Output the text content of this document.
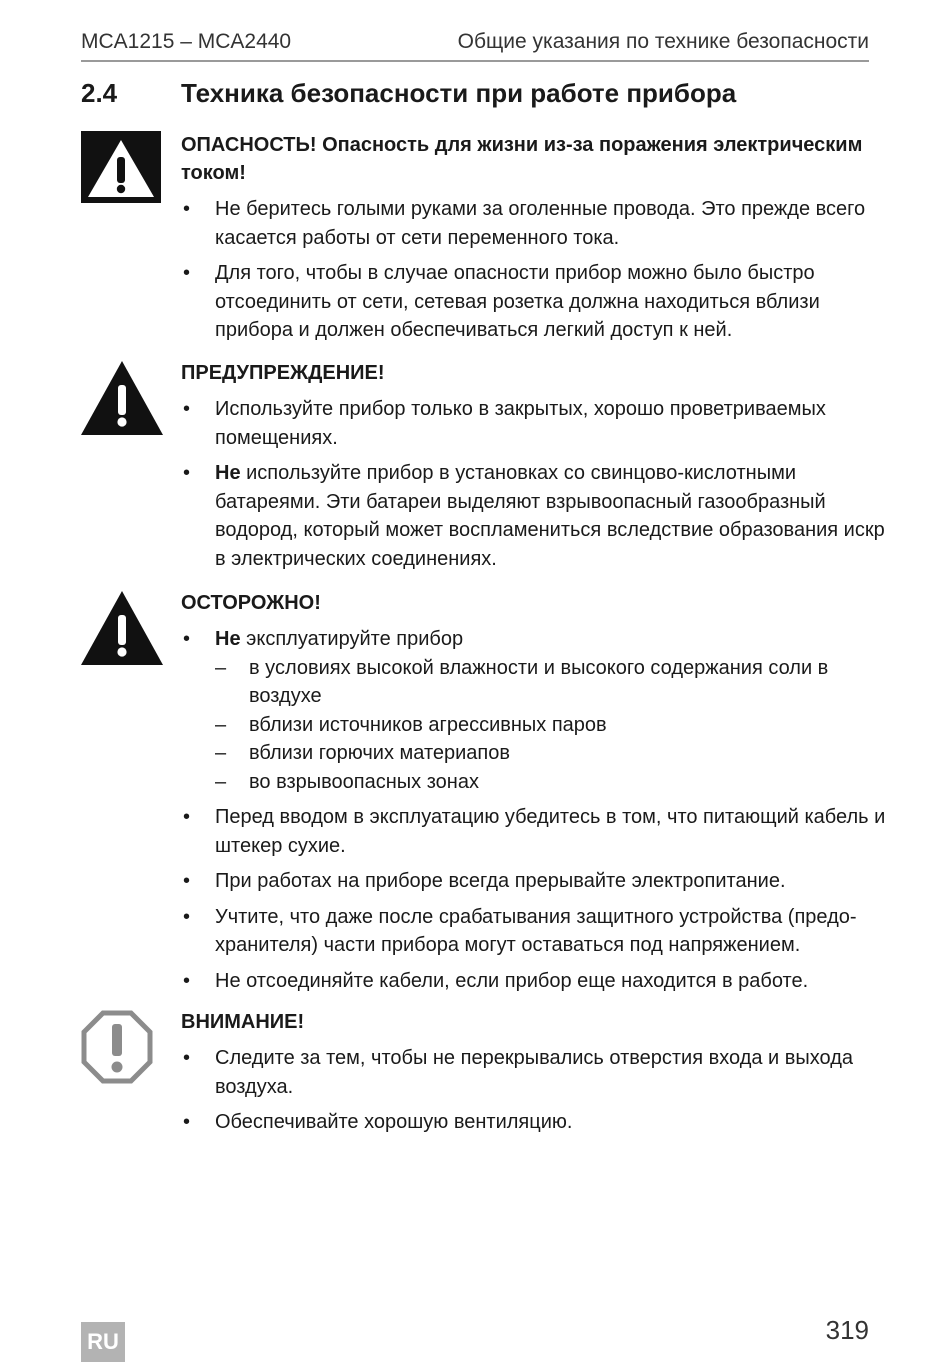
MCA1215 – MCA2440	Общие указания по технике безопасности
2.4 Техника безопасности при работе прибора
ОПАСНОСТЬ! Опасность для жизни из-за поражения электрическим током!
• Не беритесь голыми руками за оголенные провода. Это прежде всего касается работы от сети переменного тока.
• Для того, чтобы в случае опасности прибор можно было быстро отсоединить от сети, сетевая розетка должна находиться вблизи прибора и должен обеспечиваться легкий доступ к ней.
ПРЕДУПРЕЖДЕНИЕ!
• Используйте прибор только в закрытых, хорошо проветриваемых помещениях.
• Не используйте прибор в установках со свинцово-кислотными батареями. Эти батареи выделяют взрывоопасный газообразный водород, который может воспламениться вследствие образования искр в электрических соединениях.
ОСТОРОЖНО!
• Не эксплуатируйте прибор
– в условиях высокой влажности и высокого содержания соли в воздухе
– вблизи источников агрессивных паров
– вблизи горючих материапов
– во взрывоопасных зонах
• Перед вводом в эксплуатацию убедитесь в том, что питающий кабель и штекер сухие.
• При работах на приборе всегда прерывайте электропитание.
• Учтите, что даже после срабатывания защитного устройства (предо-хранителя) части прибора могут оставаться под напряжением.
• Не отсоединяйте кабели, если прибор еще находится в работе.
ВНИМАНИЕ!
• Следите за тем, чтобы не перекрывались отверстия входа и выхода воздуха.
• Обеспечивайте хорошую вентиляцию.
RU	319
